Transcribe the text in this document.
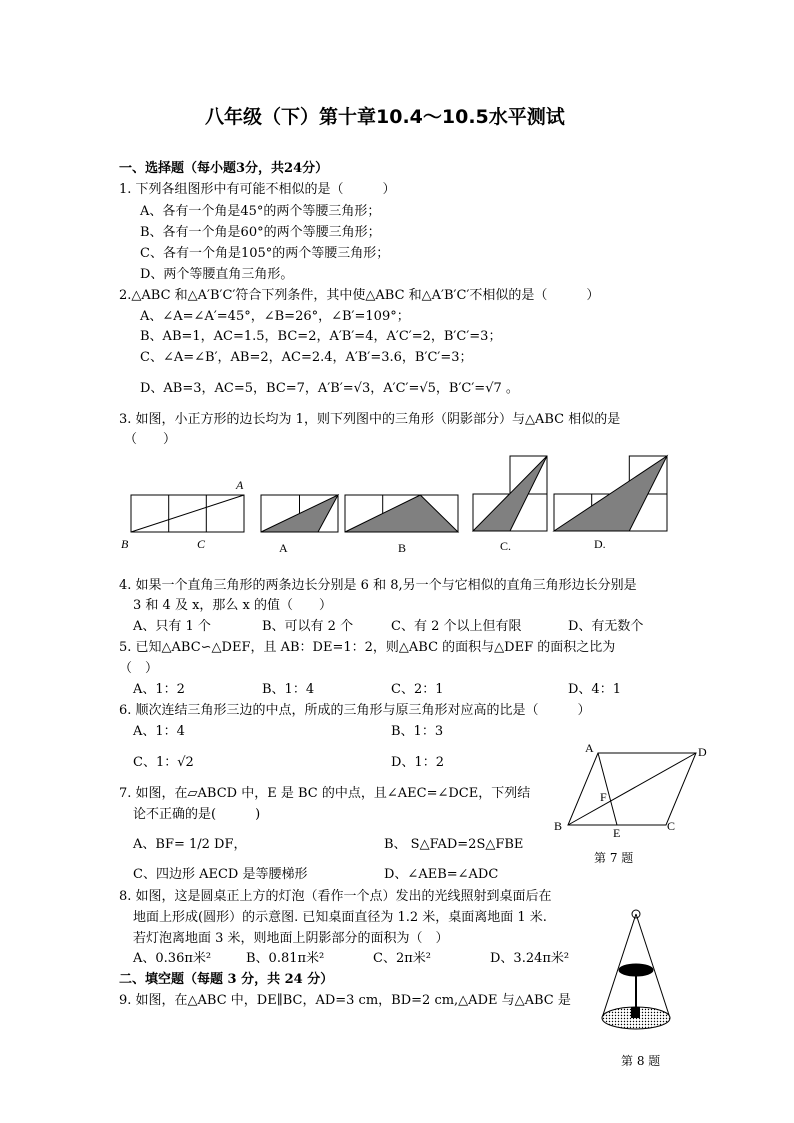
八年级（下）第十章10.4～10.5水平测试
一、选择题（每小题3分，共24分）
1. 下列各组图形中有可能不相似的是（　　　）
A、各有一个角是45°的两个等腰三角形；
B、各有一个角是60°的两个等腰三角形；
C、各有一个角是105°的两个等腰三角形；
D、两个等腰直角三角形。
2.△ABC 和△A′B′C′符合下列条件，其中使△ABC 和△A′B′C′不相似的是（　　　）
A、∠A=∠A′=45°，∠B=26°，∠B′=109°；
B、AB=1，AC=1.5，BC=2，A′B′=4，A′C′=2，B′C′=3；
C、∠A=∠B′，AB=2，AC=2.4，A′B′=3.6，B′C′=3；
D、AB=3，AC=5，BC=7，A′B′=√3，A′C′=√5，B′C′=√7 。
3. 如图，小正方形的边长均为 1，则下列图中的三角形（阴影部分）与△ABC 相似的是
（　　）
A
B	C	A	B	C.	D.
4. 如果一个直角三角形的两条边长分别是 6 和 8,另一个与它相似的直角三角形边长分别是
3 和 4 及 x，那么 x 的值（　　）
A、只有 1 个	B、可以有 2 个	C、有 2 个以上但有限	D、有无数个
5. 已知△ABC∽△DEF，且 AB：DE=1：2，则△ABC 的面积与△DEF 的面积之比为
（　）
A、1：2	B、1：4	C、2：1	D、4：1
6. 顺次连结三角形三边的中点，所成的三角形与原三角形对应高的比是（　　　）
A、1：4	B、1：3
C、1：√2	D、1：2
7. 如图，在▱ABCD 中，E 是 BC 的中点，且∠AEC=∠DCE，下列结
论不正确的是(　　　)
A、BF= 1/2 DF，	B、 S△FAD=2S△FBE
C、四边形 AECD 是等腰梯形	D、∠AEB=∠ADC
A	D
F
B	E	C
第 7 题
8. 如图，这是圆桌正上方的灯泡（看作一个点）发出的光线照射到桌面后在
地面上形成(圆形）的示意图. 已知桌面直径为 1.2 米，桌面离地面 1 米.
若灯泡离地面 3 米，则地面上阴影部分的面积为（　）
A、0.36π米²	B、0.81π米²	C、2π米²	D、3.24π米²
第 8 题
二、填空题（每题 3 分，共 24 分）
9. 如图，在△ABC 中，DE∥BC，AD=3 cm，BD=2 cm,△ADE 与△ABC 是
